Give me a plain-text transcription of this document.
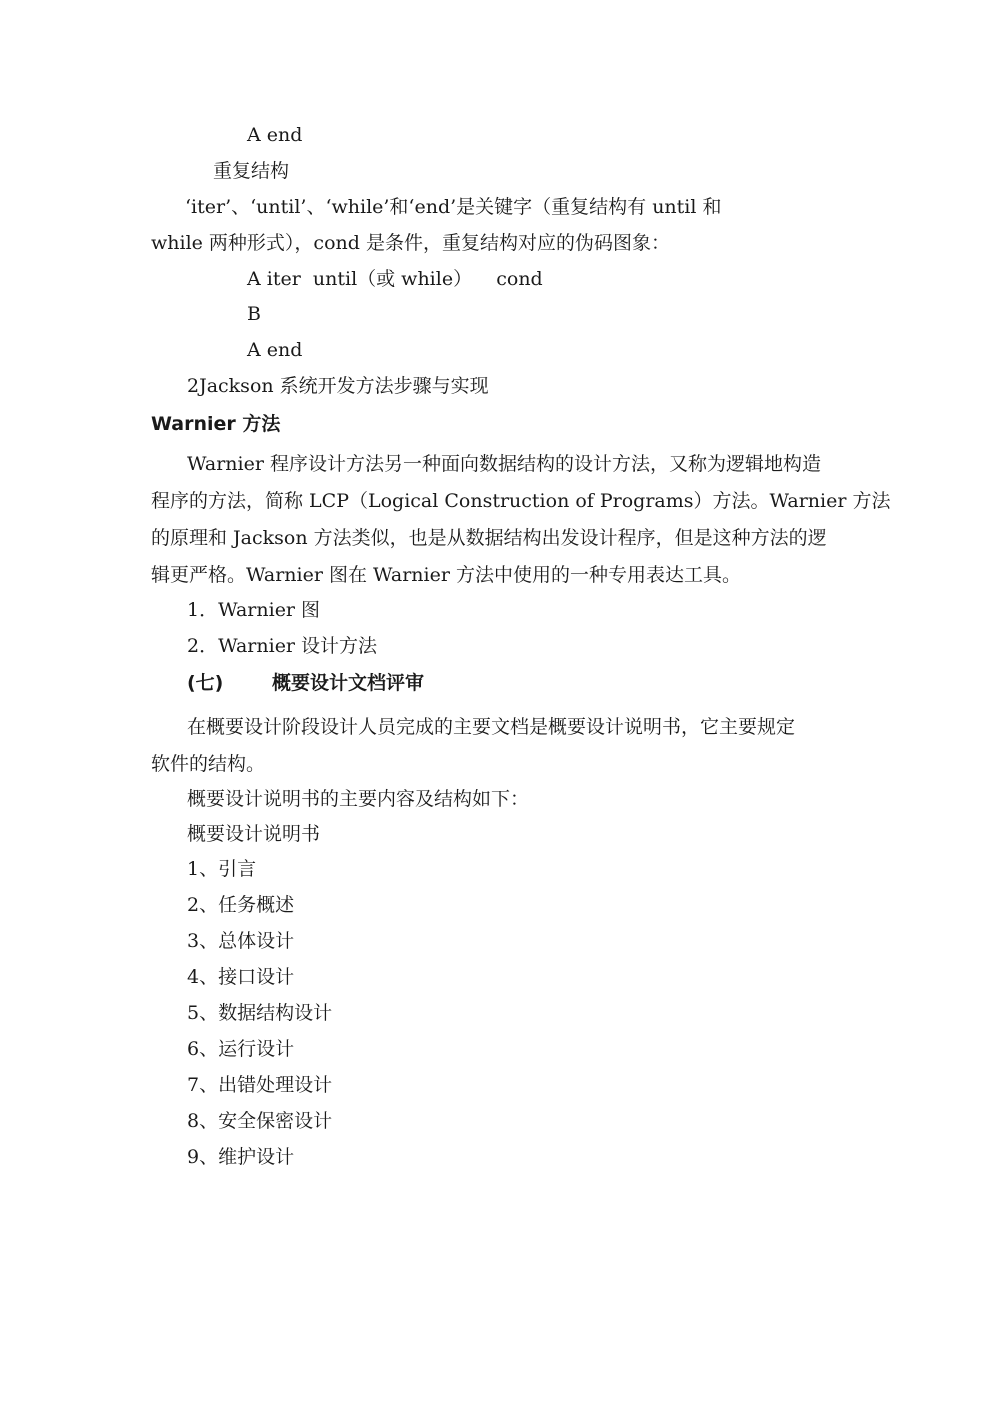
A end
重复结构
‘iter’、‘until’、‘while’和‘end’是关键字（重复结构有 until 和
while 两种形式），cond 是条件，重复结构对应的伪码图象：
A iter  until（或 while）    cond
B
A end
2Jackson 系统开发方法步骤与实现
Warnier 方法
Warnier 程序设计方法另一种面向数据结构的设计方法，又称为逻辑地构造
程序的方法，简称 LCP（Logical Construction of Programs）方法。Warnier 方法
的原理和 Jackson 方法类似，也是从数据结构出发设计程序，但是这种方法的逻
辑更严格。Warnier 图在 Warnier 方法中使用的一种专用表达工具。
1．Warnier 图
2．Warnier 设计方法
(七)	概要设计文档评审
在概要设计阶段设计人员完成的主要文档是概要设计说明书，它主要规定
软件的结构。
概要设计说明书的主要内容及结构如下：
概要设计说明书
1、引言
2、任务概述
3、总体设计
4、接口设计
5、数据结构设计
6、运行设计
7、出错处理设计
8、安全保密设计
9、维护设计
